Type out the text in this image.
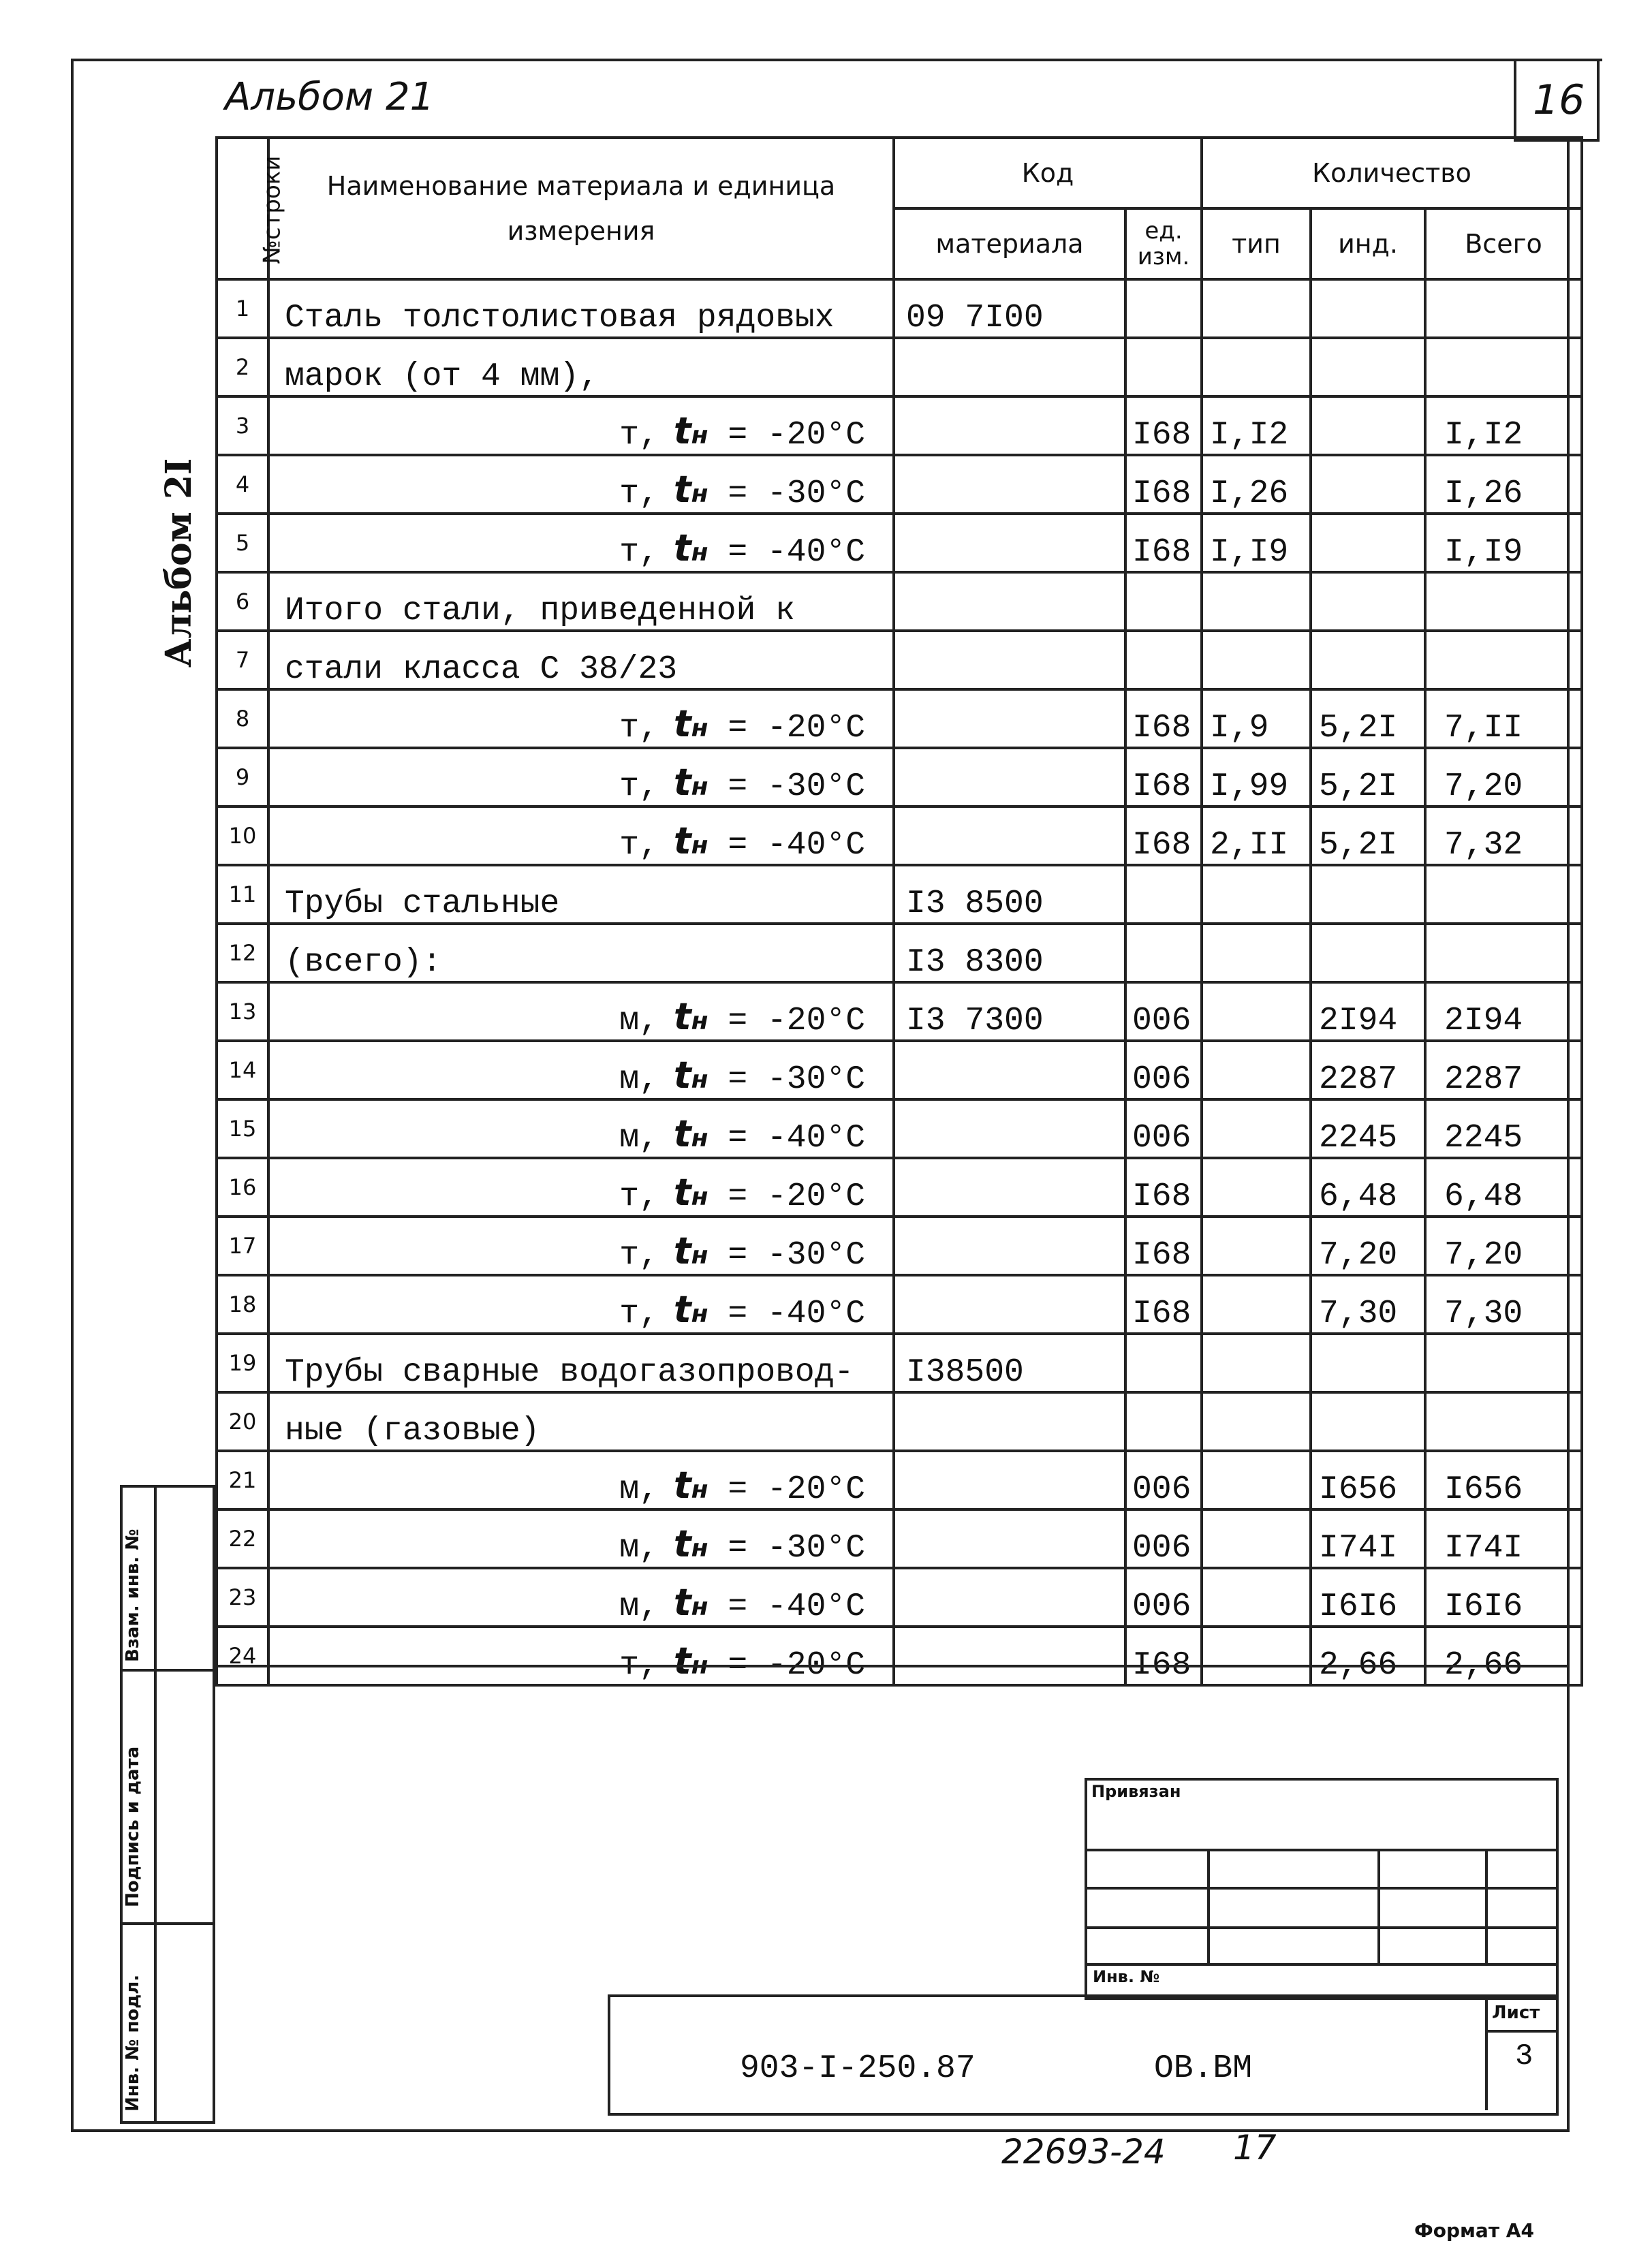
Альбом 21	16
Альбом 2I
№строки	Наименование материала и единица измерения	Код		Количество		
		материала	ед. изм.	тип	инд.	Всего
1	Сталь толстолистовая рядовых	09 7I00				
2	марок (от 4 мм),					
3	т, tн = -20°C		I68	I,I2		I,I2
4	т, tн = -30°C		I68	I,26		I,26
5	т, tн = -40°C		I68	I,I9		I,I9
6	Итого стали, приведенной к					
7	стали класса С 38/23					
8	т, tн = -20°C		I68	I,9	5,2I	7,II
9	т, tн = -30°C		I68	I,99	5,2I	7,20
10	т, tн = -40°C		I68	2,II	5,2I	7,32
11	Трубы стальные	I3 8500				
12	(всего):	I3 8300				
13	м, tн = -20°C	I3 7300	006		2I94	2I94
14	м, tн = -30°C		006		2287	2287
15	м, tн = -40°C		006		2245	2245
16	т, tн = -20°C		I68		6,48	6,48
17	т, tн = -30°C		I68		7,20	7,20
18	т, tн = -40°C		I68		7,30	7,30
19	Трубы сварные водогазопровод-	I38500				
20	ные (газовые)					
21	м, tн = -20°C		006		I656	I656
22	м, tн = -30°C		006		I74I	I74I
23	м, tн = -40°C		006		I6I6	I6I6
24	т, tн = -20°C		I68		2,66	2,66
Инв. № подл.
Подпись и дата
Взам. инв. №
Привязан
Инв. №
903-I-250.87	ОВ.ВМ
Лист
3
22693-24 17
Формат А4
